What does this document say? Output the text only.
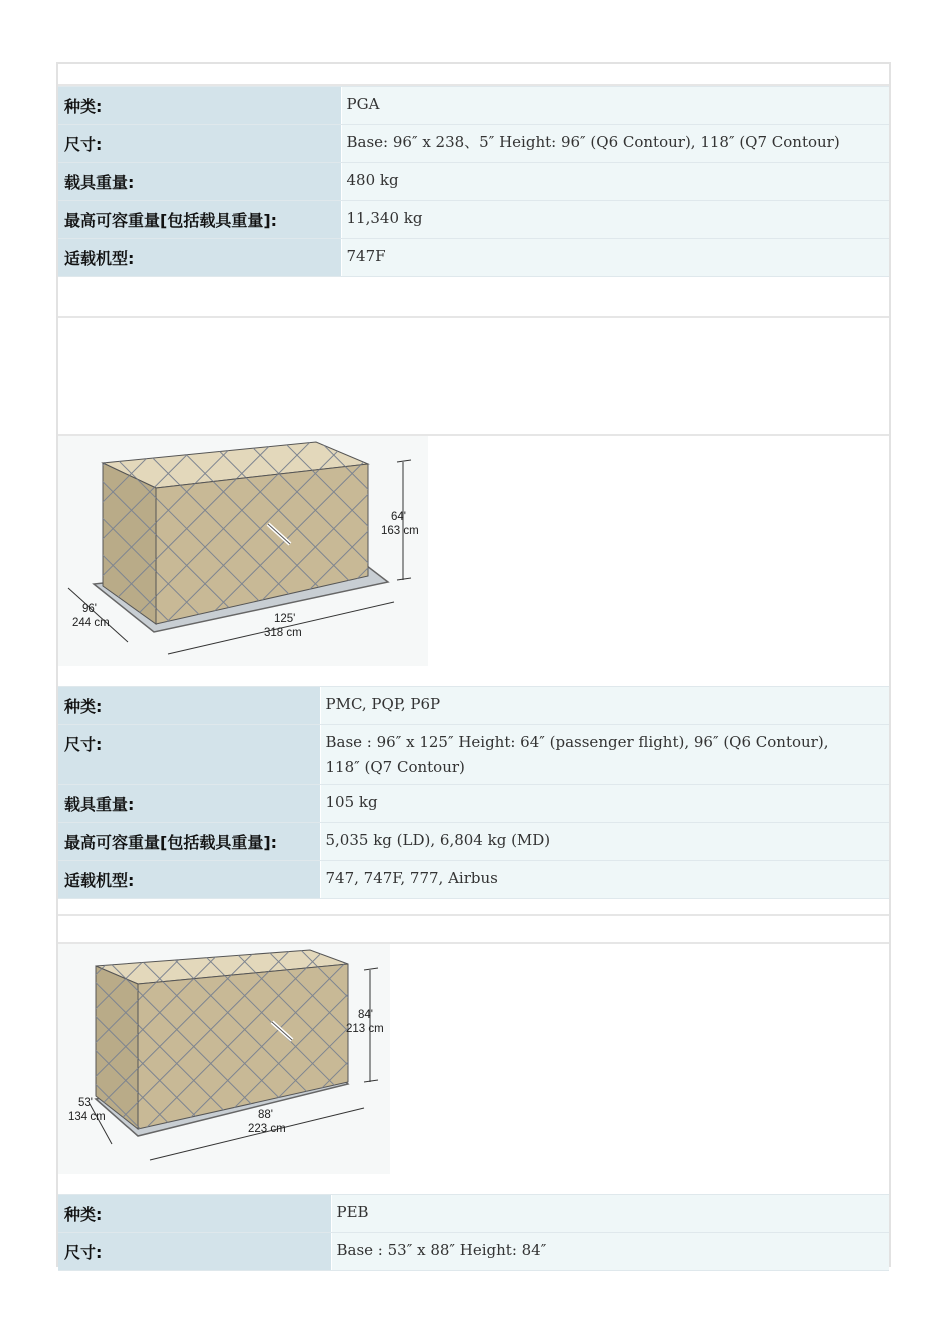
种类:	PGA
尺寸:	Base: 96″ x 238、5″ Height: 96″ (Q6 Contour), 118″ (Q7 Contour)
载具重量:	480 kg
最高可容重量[包括载具重量]:	11,340 kg
适载机型:	747F
64'
163 cm
96'
244 cm	125'
318 cm
种类:	PMC, PQP, P6P
尺寸:	Base : 96″ x 125″ Height: 64″ (passenger flight), 96″ (Q6 Contour), 118″ (Q7 Contour)
载具重量:	105 kg
最高可容重量[包括载具重量]:	5,035 kg (LD), 6,804 kg (MD)
适载机型:	747, 747F, 777, Airbus
84'
213 cm
53'
134 cm	88'
223 cm
种类:	PEB
尺寸:	Base : 53″ x 88″ Height: 84″
